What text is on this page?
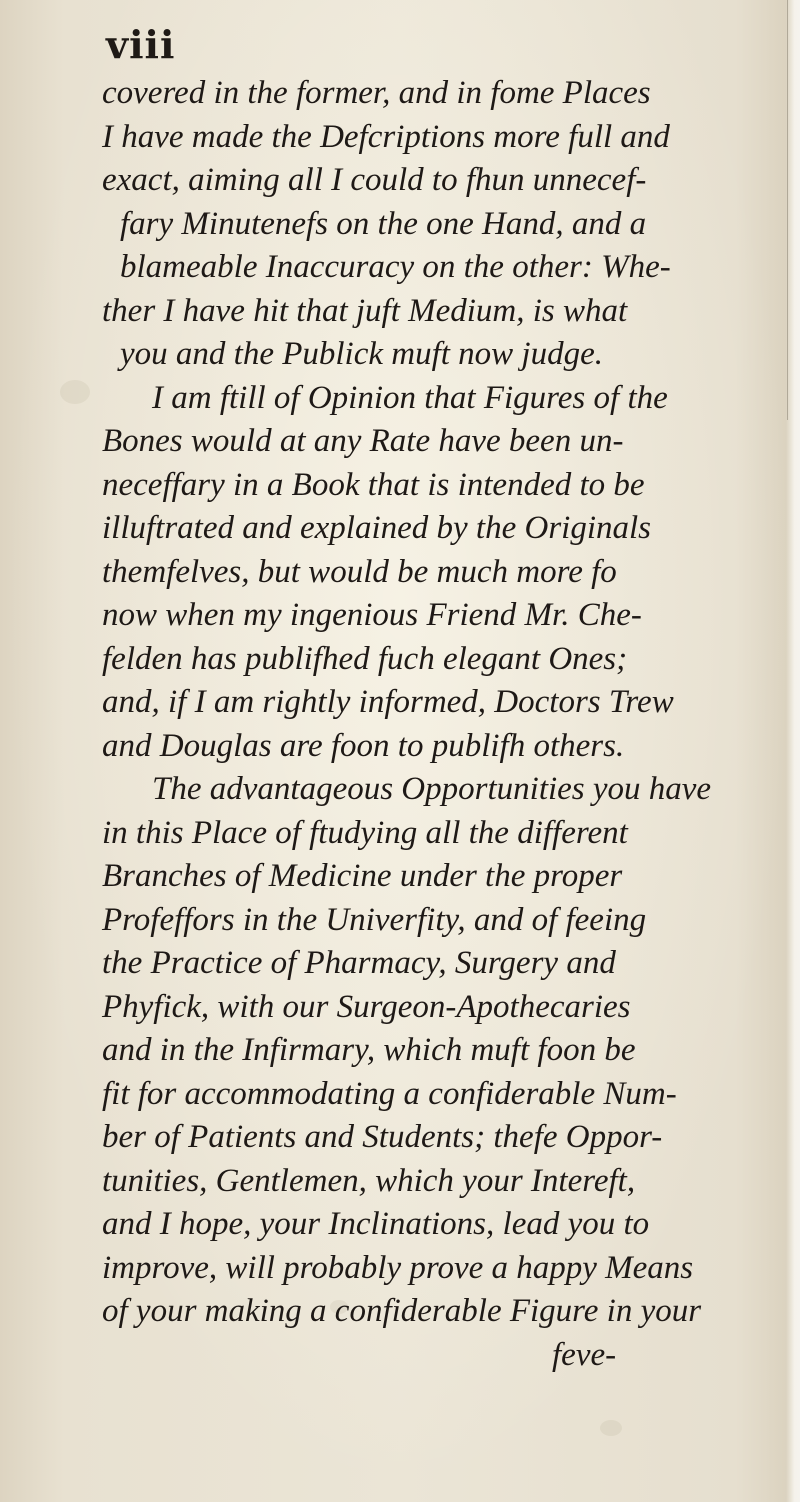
viii
covered in the former, and in fome Places
I have made the Defcriptions more full and
exact, aiming all I could to fhun unnecef-
fary Minutenefs on the one Hand, and a
blameable Inaccuracy on the other: Whe-
ther I have hit that juft Medium, is what
you and the Publick muft now judge.
I am ftill of Opinion that Figures of the
Bones would at any Rate have been un-
neceffary in a Book that is intended to be
illuftrated and explained by the Originals
themfelves, but would be much more fo
now when my ingenious Friend Mr. Che-
felden has publifhed fuch elegant Ones;
and, if I am rightly informed, Doctors Trew
and Douglas are foon to publifh others.
The advantageous Opportunities you have
in this Place of ftudying all the different
Branches of Medicine under the proper
Profeffors in the Univerfity, and of feeing
the Practice of Pharmacy, Surgery and
Phyfick, with our Surgeon-Apothecaries
and in the Infirmary, which muft foon be
fit for accommodating a confiderable Num-
ber of Patients and Students; thefe Oppor-
tunities, Gentlemen, which your Intereft,
and I hope, your Inclinations, lead you to
improve, will probably prove a happy Means
of your making a confiderable Figure in your
feve-
